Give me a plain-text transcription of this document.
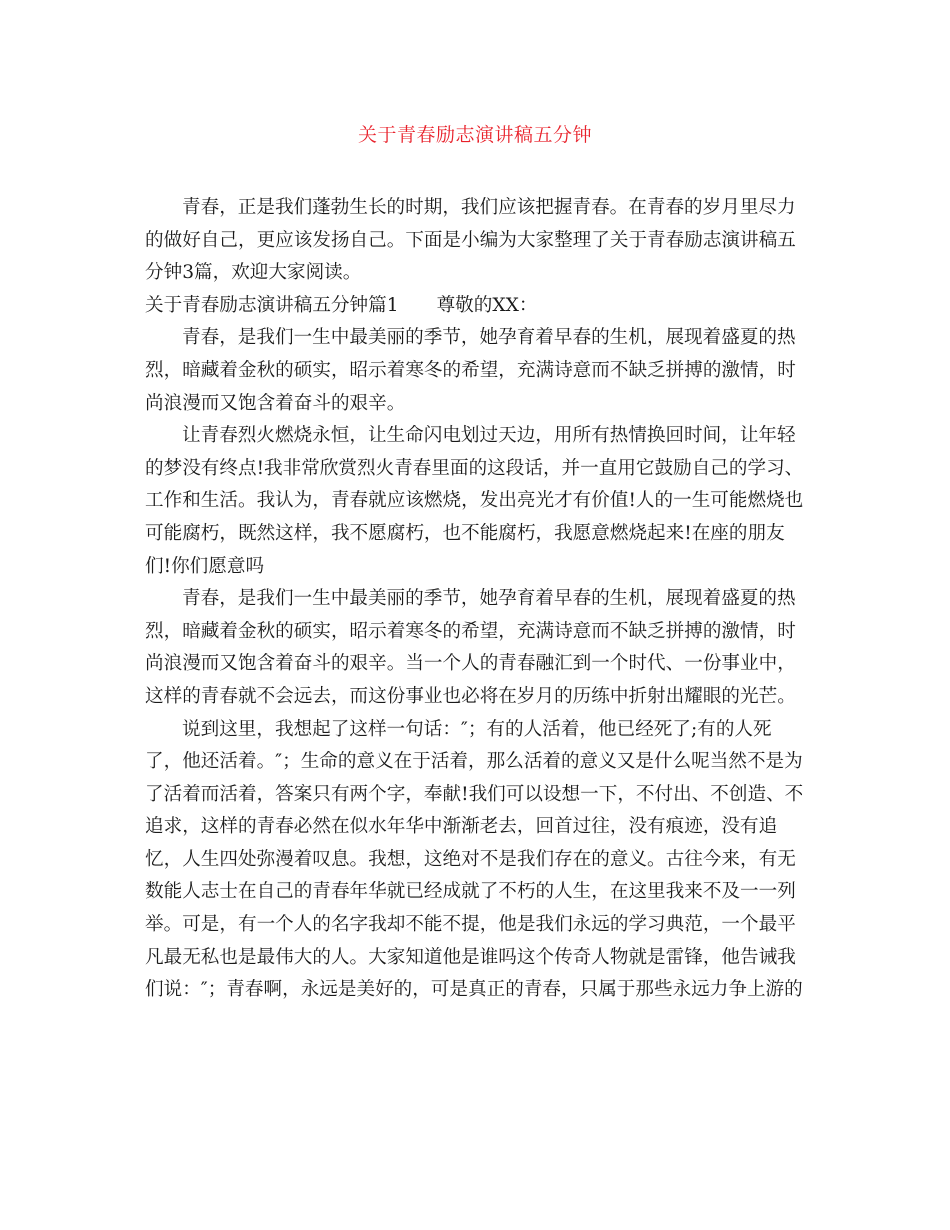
关于青春励志演讲稿五分钟
青春，正是我们蓬勃生长的时期，我们应该把握青春。在青春的岁月里尽力
的做好自己，更应该发扬自己。下面是小编为大家整理了关于青春励志演讲稿五
分钟3篇，欢迎大家阅读。
关于青春励志演讲稿五分钟篇1 尊敬的XX：
青春，是我们一生中最美丽的季节，她孕育着早春的生机，展现着盛夏的热
烈，暗藏着金秋的硕实，昭示着寒冬的希望，充满诗意而不缺乏拼搏的激情，时
尚浪漫而又饱含着奋斗的艰辛。
让青春烈火燃烧永恒，让生命闪电划过天边，用所有热情换回时间，让年轻
的梦没有终点!我非常欣赏烈火青春里面的这段话，并一直用它鼓励自己的学习、
工作和生活。我认为，青春就应该燃烧，发出亮光才有价值!人的一生可能燃烧也
可能腐朽，既然这样，我不愿腐朽，也不能腐朽，我愿意燃烧起来!在座的朋友
们!你们愿意吗
青春，是我们一生中最美丽的季节，她孕育着早春的生机，展现着盛夏的热
烈，暗藏着金秋的硕实，昭示着寒冬的希望，充满诗意而不缺乏拼搏的激情，时
尚浪漫而又饱含着奋斗的艰辛。当一个人的青春融汇到一个时代、一份事业中，
这样的青春就不会远去，而这份事业也必将在岁月的历练中折射出耀眼的光芒。
说到这里，我想起了这样一句话：″；有的人活着，他已经死了;有的人死
了，他还活着。″；生命的意义在于活着，那么活着的意义又是什么呢当然不是为
了活着而活着，答案只有两个字，奉献!我们可以设想一下，不付出、不创造、不
追求，这样的青春必然在似水年华中渐渐老去，回首过往，没有痕迹，没有追
忆，人生四处弥漫着叹息。我想，这绝对不是我们存在的意义。古往今来，有无
数能人志士在自己的青春年华就已经成就了不朽的人生，在这里我来不及一一列
举。可是，有一个人的名字我却不能不提，他是我们永远的学习典范，一个最平
凡最无私也是最伟大的人。大家知道他是谁吗这个传奇人物就是雷锋，他告诫我
们说：″；青春啊，永远是美好的，可是真正的青春，只属于那些永远力争上游的
